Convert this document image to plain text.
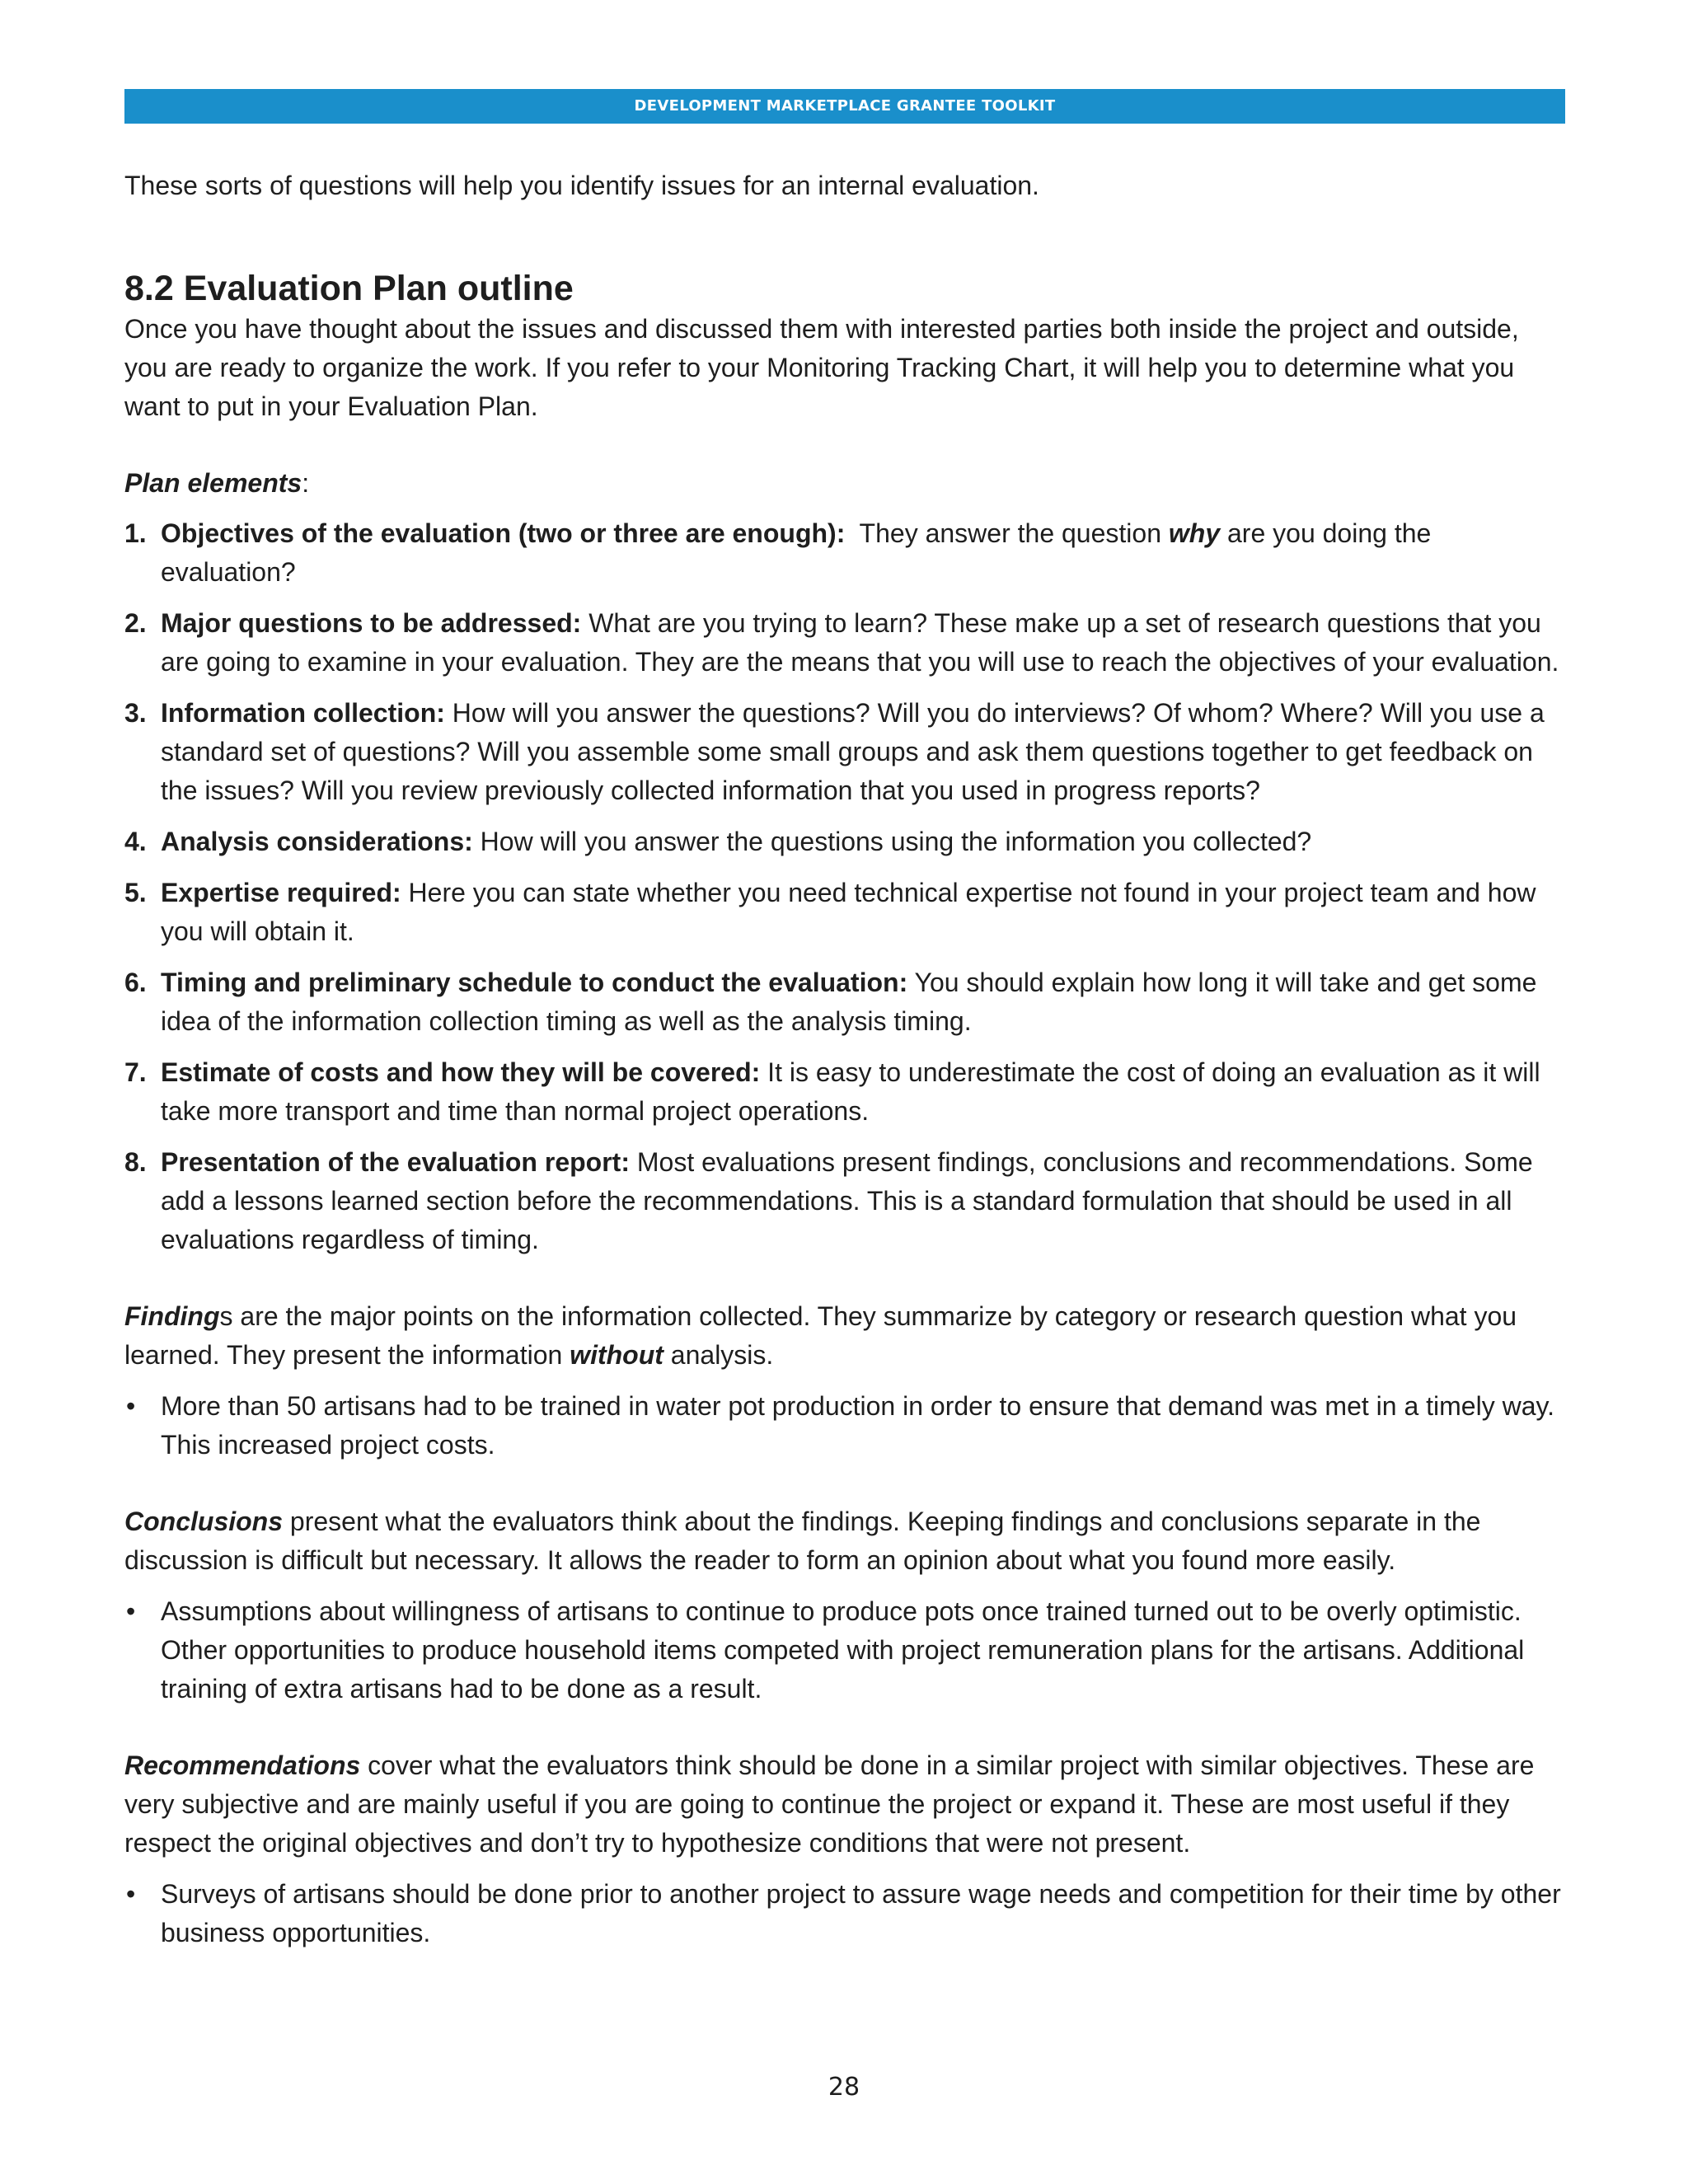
DEVELOPMENT MARKETPLACE GRANTEE TOOLKIT

These sorts of questions will help you identify issues for an internal evaluation.

8.2 Evaluation Plan outline

Once you have thought about the issues and discussed them with interested parties both inside the project and outside, you are ready to organize the work. If you refer to your Monitoring Tracking Chart, it will help you to determine what you want to put in your Evaluation Plan.

Plan elements:

1. Objectives of the evaluation (two or three are enough):  They answer the question why are you doing the evaluation?
2. Major questions to be addressed: What are you trying to learn? These make up a set of research questions that you are going to examine in your evaluation. They are the means that you will use to reach the objectives of your evaluation.
3. Information collection: How will you answer the questions? Will you do interviews? Of whom? Where? Will you use a standard set of questions? Will you assemble some small groups and ask them questions together to get feedback on the issues? Will you review previously collected information that you used in progress reports?
4. Analysis considerations: How will you answer the questions using the information you collected?
5. Expertise required: Here you can state whether you need technical expertise not found in your project team and how you will obtain it.
6. Timing and preliminary schedule to conduct the evaluation: You should explain how long it will take and get some idea of the information collection timing as well as the analysis timing.
7. Estimate of costs and how they will be covered: It is easy to underestimate the cost of doing an evaluation as it will take more transport and time than normal project operations.
8. Presentation of the evaluation report: Most evaluations present findings, conclusions and recommendations. Some add a lessons learned section before the recommendations. This is a standard formulation that should be used in all evaluations regardless of timing.

Findings are the major points on the information collected. They summarize by category or research question what you learned. They present the information without analysis.

• More than 50 artisans had to be trained in water pot production in order to ensure that demand was met in a timely way. This increased project costs.

Conclusions present what the evaluators think about the findings. Keeping findings and conclusions separate in the discussion is difficult but necessary. It allows the reader to form an opinion about what you found more easily.

• Assumptions about willingness of artisans to continue to produce pots once trained turned out to be overly optimistic. Other opportunities to produce household items competed with project remuneration plans for the artisans. Additional training of extra artisans had to be done as a result.

Recommendations cover what the evaluators think should be done in a similar project with similar objectives. These are very subjective and are mainly useful if you are going to continue the project or expand it. These are most useful if they respect the original objectives and don’t try to hypothesize conditions that were not present.

• Surveys of artisans should be done prior to another project to assure wage needs and competition for their time by other business opportunities.
28
